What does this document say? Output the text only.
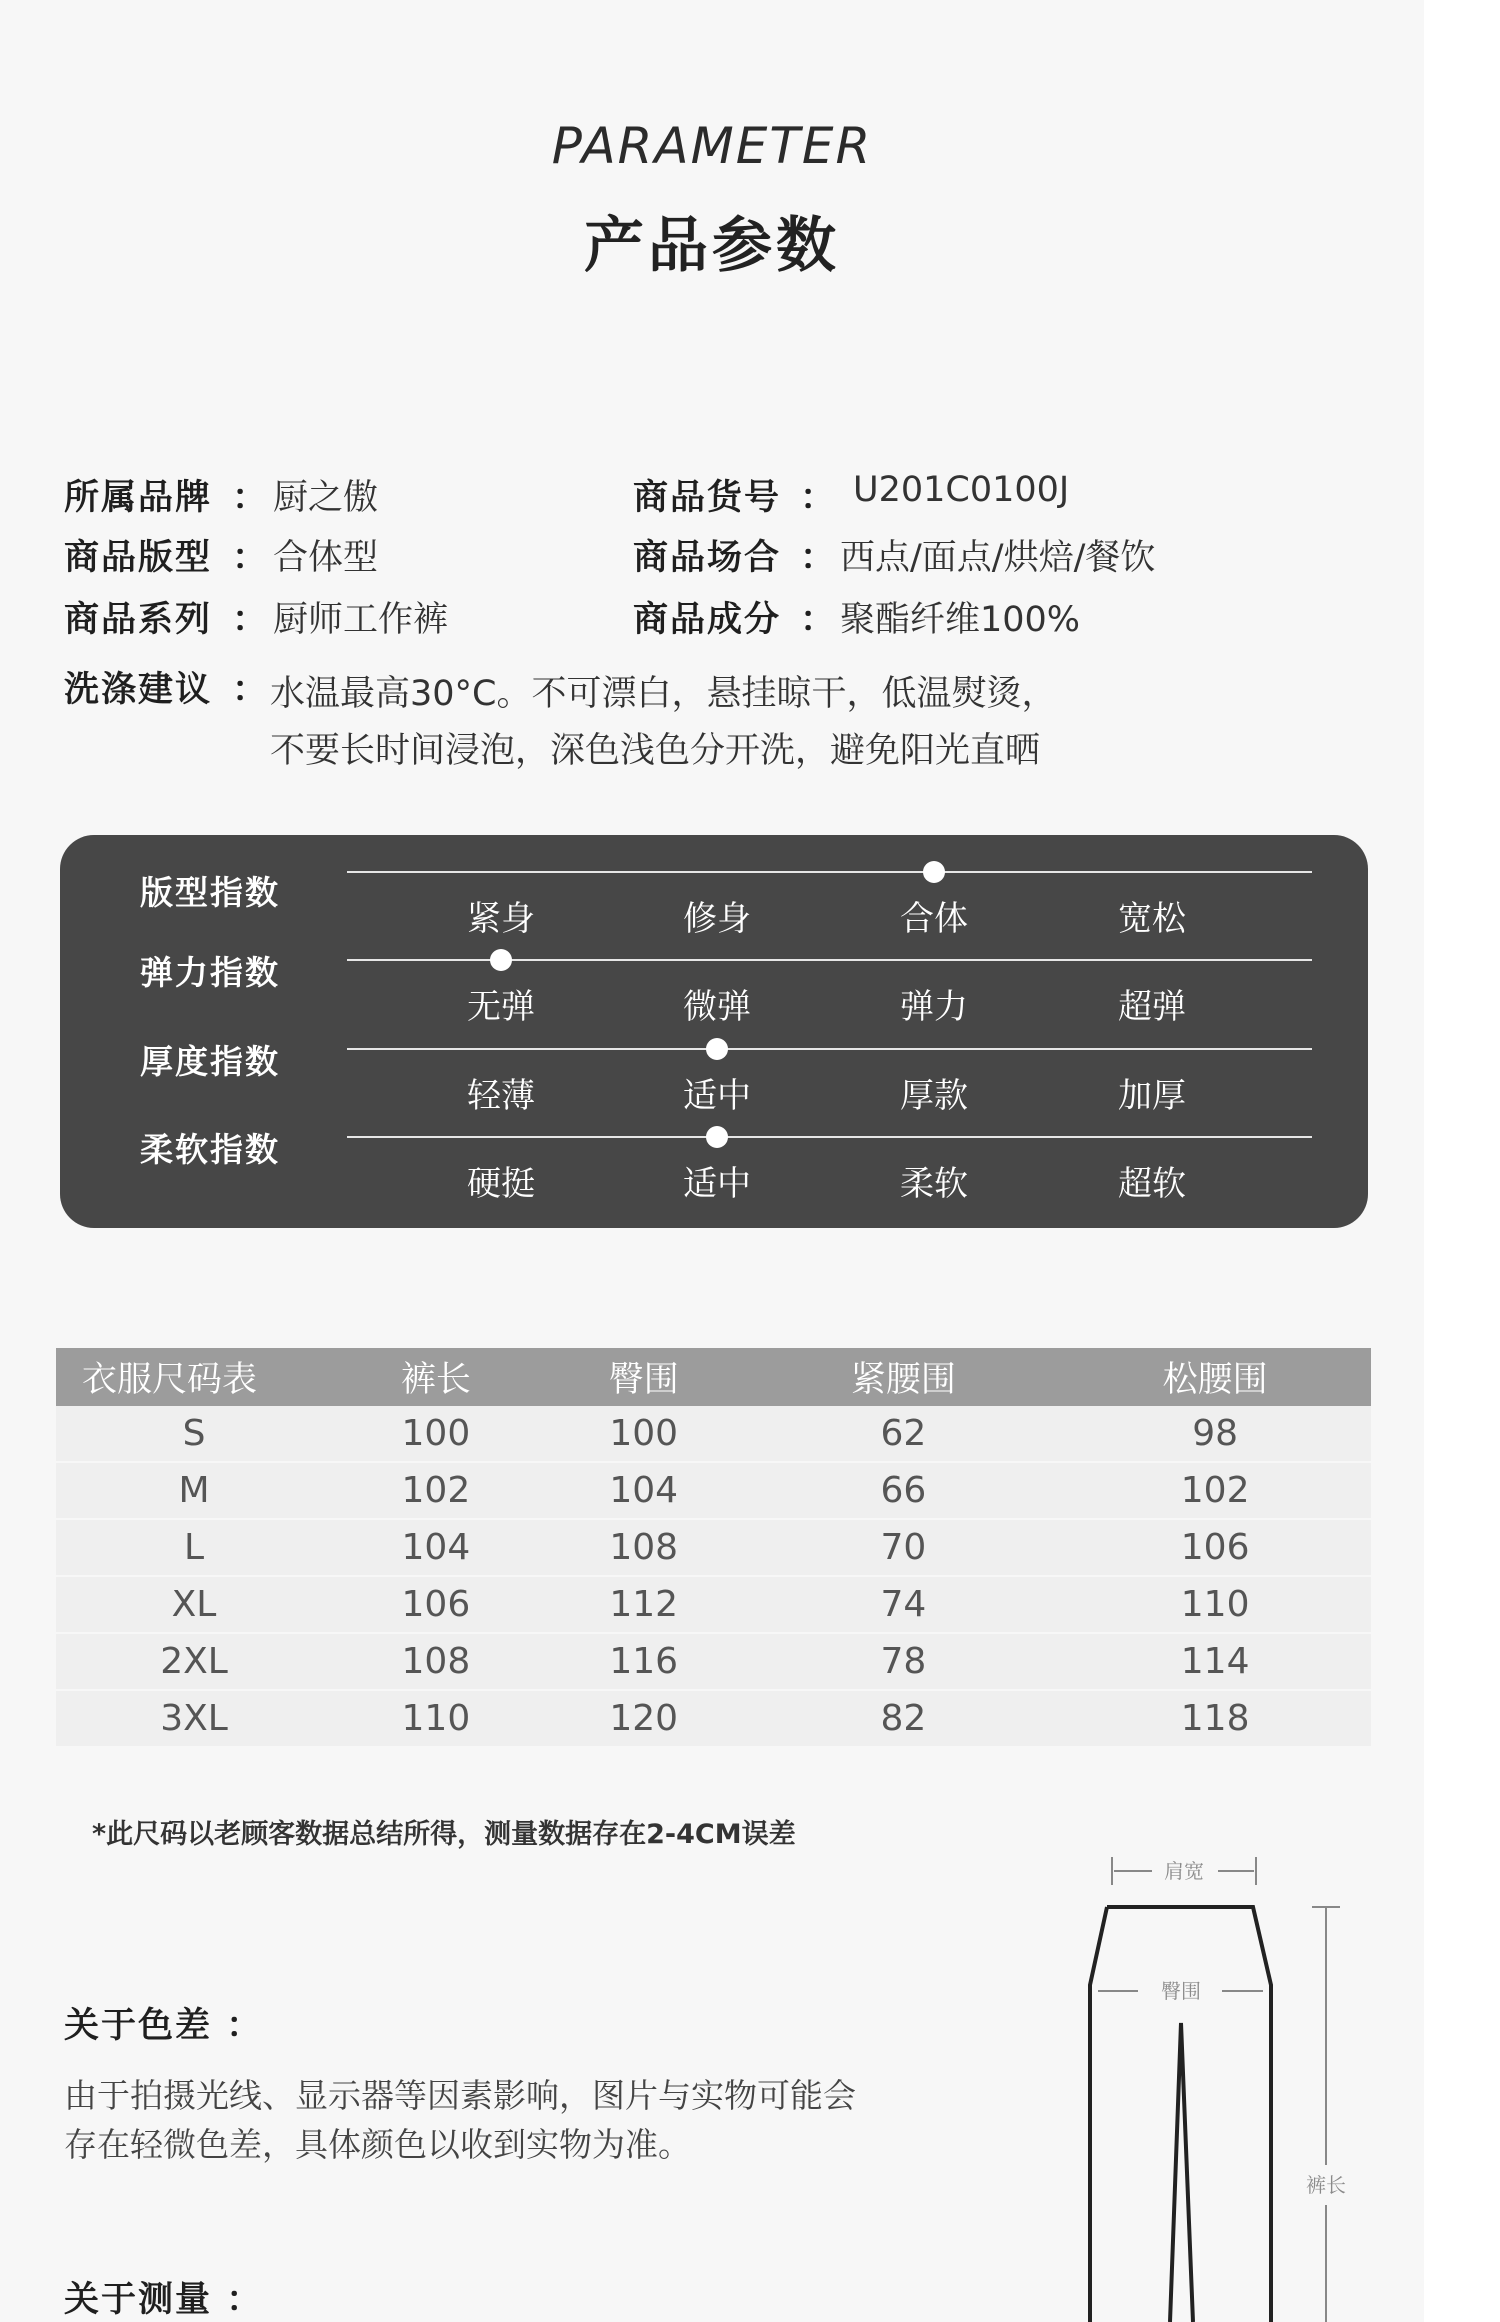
PARAMETER
产品参数
所属品牌 ： 厨之傲	商品货号 ： U201C0100J
商品版型 ： 合体型	商品场合 ： 西点/面点/烘焙/餐饮
商品系列 ： 厨师工作裤	商品成分 ： 聚酯纤维100%
洗涤建议 ： 水温最高30°C。不可漂白，悬挂晾干，低温熨烫，
不要长时间浸泡，深色浅色分开洗，避免阳光直晒
版型指数
紧身	修身	合体	宽松
弹力指数
无弹	微弹	弹力	超弹
厚度指数
轻薄	适中	厚款	加厚
柔软指数
硬挺	适中	柔软	超软
衣服尺码表	裤长	臀围	紧腰围	松腰围
S	100	100	62	98
M	102	104	66	102
L	104	108	70	106
XL	106	112	74	110
2XL	108	116	78	114
3XL	110	120	82	118
*此尺码以老顾客数据总结所得，测量数据存在2-4CM误差
关于色差 ：
由于拍摄光线、显示器等因素影响，图片与实物可能会
存在轻微色差，具体颜色以收到实物为准。
关于测量 ：
肩宽
臀围
裤长
